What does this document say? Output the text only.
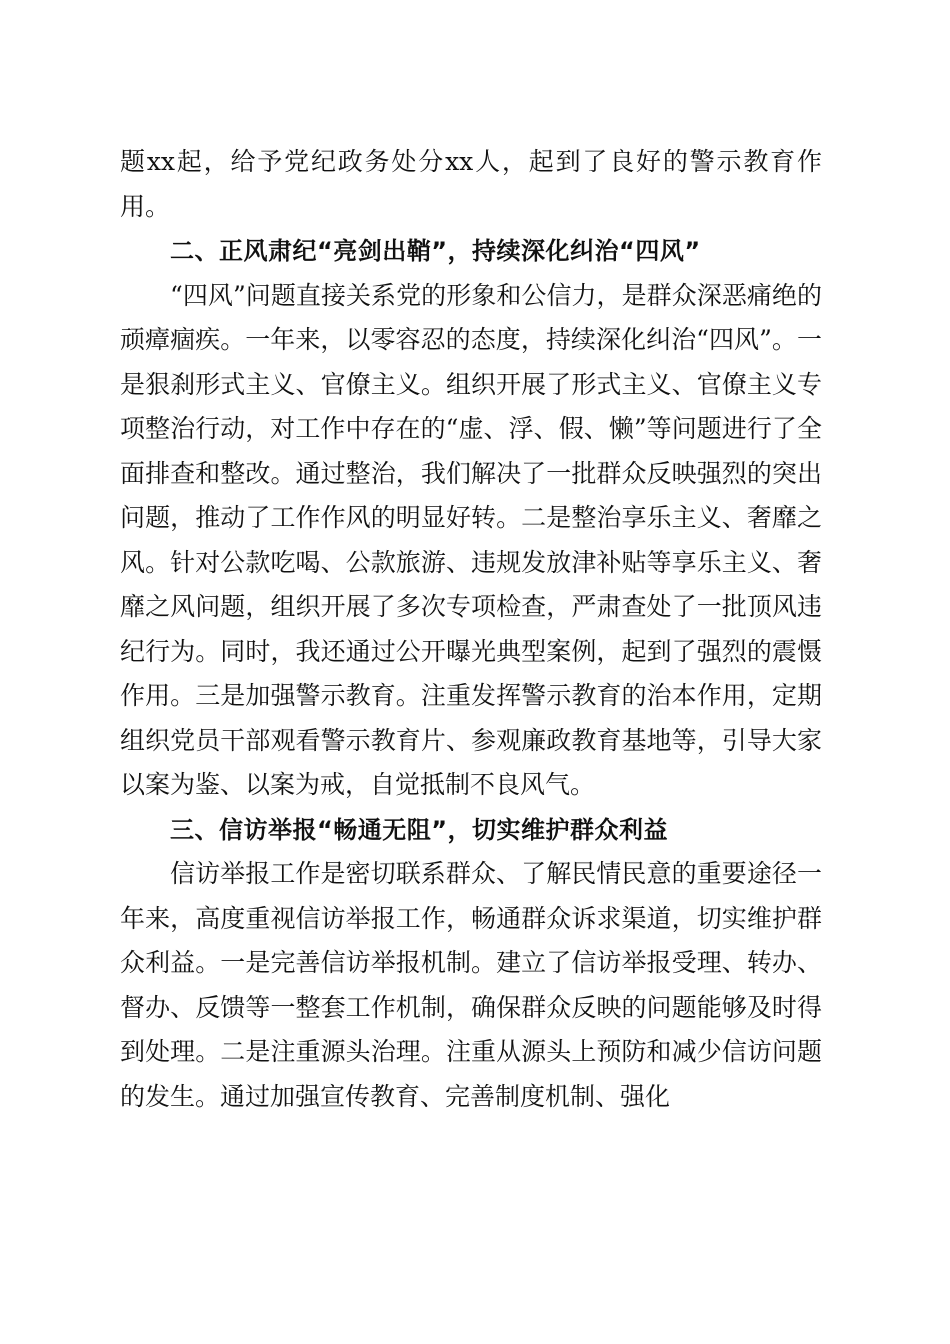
题xx起，给予党纪政务处分xx人，起到了良好的警示教育作用。

二、正风肃纪“亮剑出鞘”，持续深化纠治“四风”

“四风”问题直接关系党的形象和公信力，是群众深恶痛绝的顽瘴痼疾。一年来，以零容忍的态度，持续深化纠治“四风”。一是狠刹形式主义、官僚主义。组织开展了形式主义、官僚主义专项整治行动，对工作中存在的“虚、浮、假、懒”等问题进行了全面排查和整改。通过整治，我们解决了一批群众反映强烈的突出问题，推动了工作作风的明显好转。二是整治享乐主义、奢靡之风。针对公款吃喝、公款旅游、违规发放津补贴等享乐主义、奢靡之风问题，组织开展了多次专项检查，严肃查处了一批顶风违纪行为。同时，我还通过公开曝光典型案例，起到了强烈的震慑作用。三是加强警示教育。注重发挥警示教育的治本作用，定期组织党员干部观看警示教育片、参观廉政教育基地等，引导大家以案为鉴、以案为戒，自觉抵制不良风气。

三、信访举报“畅通无阻”，切实维护群众利益

信访举报工作是密切联系群众、了解民情民意的重要途径一年来，高度重视信访举报工作，畅通群众诉求渠道，切实维护群众利益。一是完善信访举报机制。建立了信访举报受理、转办、督办、反馈等一整套工作机制，确保群众反映的问题能够及时得到处理。二是注重源头治理。注重从源头上预防和减少信访问题的发生。通过加强宣传教育、完善制度机制、强化
